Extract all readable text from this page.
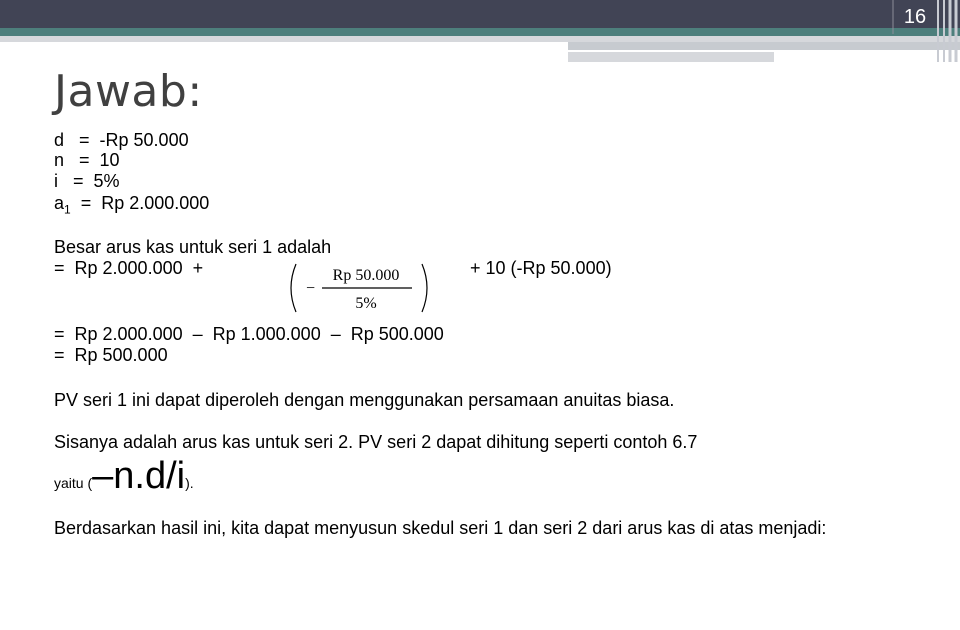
16
Jawab:
d   =  -Rp 50.000
n   =  10
i   =  5%
$a_1 = Rp$ 2.000.000
Besar arus kas untuk seri 1 adalah
=  Rp 2.000.000  +	+ 10 (-Rp 50.000)
−
Rp 50.000
5%
=  Rp 2.000.000  –  Rp 1.000.000  –  Rp 500.000
=  Rp 500.000
PV seri 1 ini dapat diperoleh dengan menggunakan persamaan anuitas biasa.
Sisanya adalah arus kas untuk seri 2. PV seri 2 dapat dihitung seperti contoh 6.7
yaitu (–n.d/i).
Berdasarkan hasil ini, kita dapat menyusun skedul seri 1 dan seri 2 dari arus kas di atas menjadi:
